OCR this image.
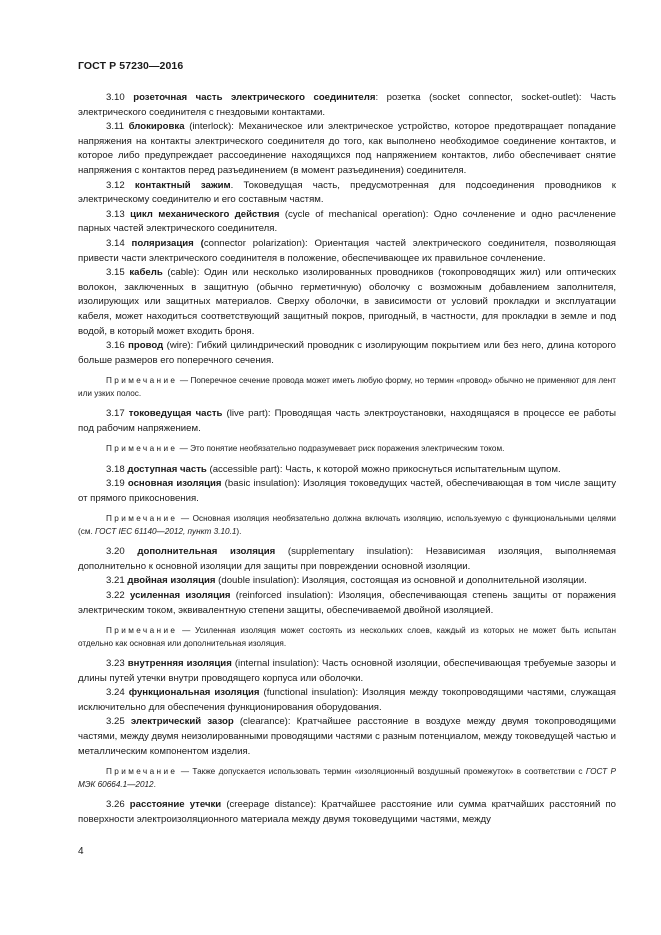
ГОСТ Р 57230—2016

3.10 розеточная часть электрического соединителя: розетка (socket connector, socket-outlet): Часть электрического соединителя с гнездовыми контактами.

3.11 блокировка (interlock): Механическое или электрическое устройство, которое предотвращает попадание напряжения на контакты электрического соединителя до того, как выполнено необходимое соединение контактов, и которое либо предупреждает рассоединение находящихся под напряжением контактов, либо обеспечивает снятие напряжения с контактов перед разъединением (в момент разъединения) соединителя.

3.12 контактный зажим. Токоведущая часть, предусмотренная для подсоединения проводников к электрическому соединителю и его составным частям.

3.13 цикл механического действия (cycle of mechanical operation): Одно сочленение и одно расчленение парных частей электрического соединителя.

3.14 поляризация (connector polarization): Ориентация частей электрического соединителя, позволяющая привести части электрического соединителя в положение, обеспечивающее их правильное сочленение.

3.15 кабель (cable): Один или несколько изолированных проводников (токопроводящих жил) или оптических волокон, заключенных в защитную (обычно герметичную) оболочку с возможным добавлением заполнителя, изолирующих или защитных материалов. Сверху оболочки, в зависимости от условий прокладки и эксплуатации кабеля, может находиться соответствующий защитный покров, пригодный, в частности, для прокладки в земле и под водой, в который может входить броня.

3.16 провод (wire): Гибкий цилиндрический проводник с изолирующим покрытием или без него, длина которого больше размеров его поперечного сечения.

Примечание — Поперечное сечение провода может иметь любую форму, но термин «провод» обычно не применяют для лент или узких полос.

3.17 токоведущая часть (live part): Проводящая часть электроустановки, находящаяся в процессе ее работы под рабочим напряжением.

Примечание — Это понятие необязательно подразумевает риск поражения электрическим током.

3.18 доступная часть (accessible part): Часть, к которой можно прикоснуться испытательным щупом.

3.19 основная изоляция (basic insulation): Изоляция токоведущих частей, обеспечивающая в том числе защиту от прямого прикосновения.

Примечание — Основная изоляция необязательно должна включать изоляцию, используемую с функциональными целями (см. ГОСТ IEC 61140—2012, пункт 3.10.1).

3.20 дополнительная изоляция (supplementary insulation): Независимая изоляция, выполняемая дополнительно к основной изоляции для защиты при повреждении основной изоляции.

3.21 двойная изоляция (double insulation): Изоляция, состоящая из основной и дополнительной изоляции.

3.22 усиленная изоляция (reinforced insulation): Изоляция, обеспечивающая степень защиты от поражения электрическим током, эквивалентную степени защиты, обеспечиваемой двойной изоляцией.

Примечание — Усиленная изоляция может состоять из нескольких слоев, каждый из которых не может быть испытан отдельно как основная или дополнительная изоляция.

3.23 внутренняя изоляция (internal insulation): Часть основной изоляции, обеспечивающая требуемые зазоры и длины путей утечки внутри проводящего корпуса или оболочки.

3.24 функциональная изоляция (functional insulation): Изоляция между токопроводящими частями, служащая исключительно для обеспечения функционирования оборудования.

3.25 электрический зазор (clearance): Кратчайшее расстояние в воздухе между двумя токопроводящими частями, между двумя неизолированными проводящими частями с разным потенциалом, между токоведущей частью и металлическим компонентом изделия.

Примечание — Также допускается использовать термин «изоляционный воздушный промежуток» в соответствии с ГОСТ Р МЭК 60664.1—2012.

3.26 расстояние утечки (creepage distance): Кратчайшее расстояние или сумма кратчайших расстояний по поверхности электроизоляционного материала между двумя токоведущими частями, между

4
